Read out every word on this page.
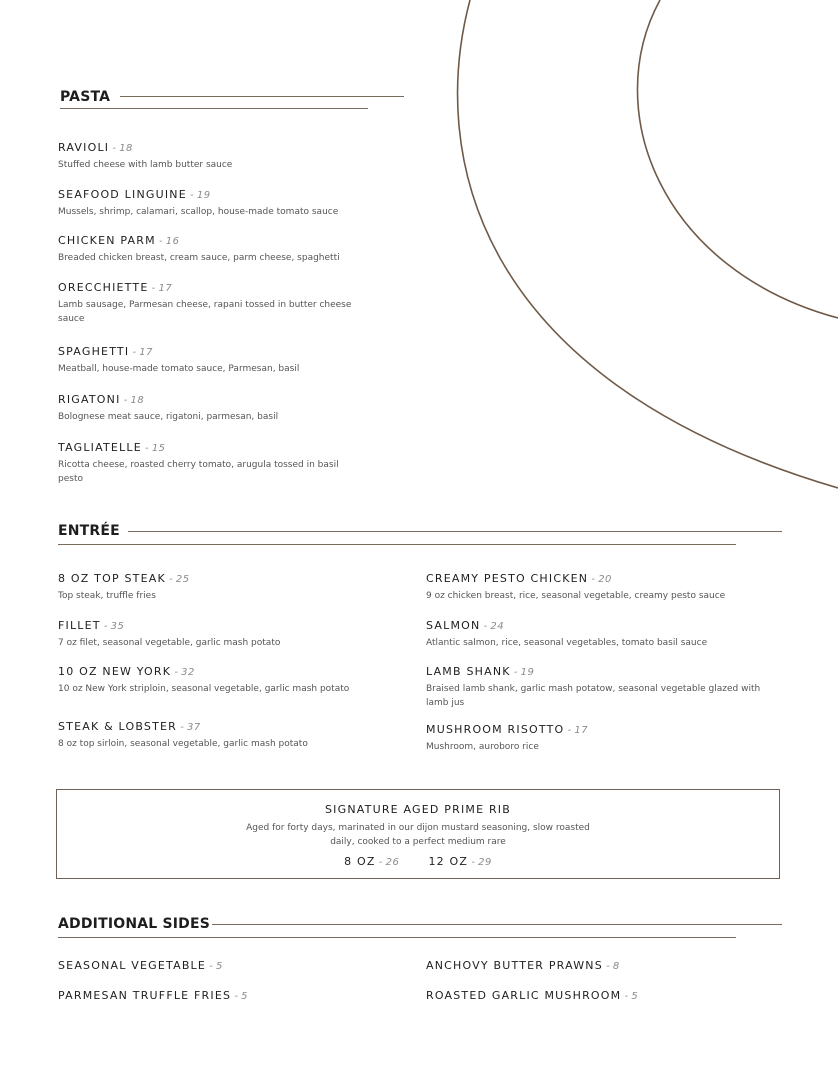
PASTA
RAVIOLI - 18
Stuffed cheese with lamb butter sauce
SEAFOOD LINGUINE - 19
Mussels, shrimp, calamari, scallop, house-made tomato sauce
CHICKEN PARM - 16
Breaded chicken breast, cream sauce, parm cheese, spaghetti
ORECCHIETTE - 17
Lamb sausage, Parmesan cheese, rapani tossed in butter cheese sauce
SPAGHETTI - 17
Meatball, house-made tomato sauce, Parmesan, basil
RIGATONI - 18
Bolognese meat sauce, rigatoni, parmesan, basil
TAGLIATELLE - 15
Ricotta cheese, roasted cherry tomato, arugula tossed in basil pesto
ENTRÉE
8 OZ TOP STEAK - 25
Top steak, truffle fries
FILLET - 35
7 oz filet, seasonal vegetable, garlic mash potato
10 OZ NEW YORK - 32
10 oz New York striploin, seasonal vegetable, garlic mash potato
STEAK & LOBSTER - 37
8 oz top sirloin, seasonal vegetable, garlic mash potato
CREAMY PESTO CHICKEN - 20
9 oz chicken breast, rice, seasonal vegetable, creamy pesto sauce
SALMON - 24
Atlantic salmon, rice, seasonal vegetables, tomato basil sauce
LAMB SHANK - 19
Braised lamb shank, garlic mash potatow, seasonal vegetable glazed with lamb jus
MUSHROOM RISOTTO - 17
Mushroom, auroboro rice
SIGNATURE AGED PRIME RIB
Aged for forty days, marinated in our dijon mustard seasoning, slow roasted daily, cooked to a perfect medium rare
8 OZ - 26	12 OZ - 29
ADDITIONAL SIDES
SEASONAL VEGETABLE - 5
PARMESAN TRUFFLE FRIES - 5
ANCHOVY BUTTER PRAWNS - 8
ROASTED GARLIC MUSHROOM - 5
